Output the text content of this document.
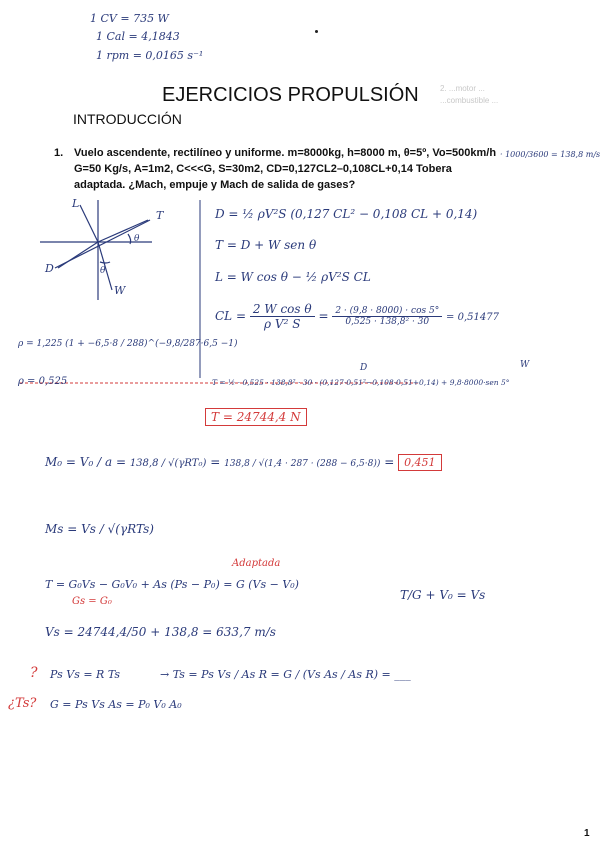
1 CV = 735 W
1 Cal = 4,1843
1 rpm = 0,0165 s⁻¹
2. ...motor ...
...combustible ...
EJERCICIOS PROPULSIÓN
INTRODUCCIÓN
1. Vuelo ascendente, rectilíneo y uniforme. m=8000kg, h=8000 m, θ=5º, Vo=500km/h
G=50 Kg/s, A=1m2, C<<<G, S=30m2, CD=0,127CL2–0,108CL+0,14 Tobera
adaptada. ¿Mach, empuje y Mach de salida de gases?
· 1000/3600 = 138,8 m/s
L
T
D
W
θ
θ
D = ½ ρV²S (0,127 CL² − 0,108 CL + 0,14)
T = D + W sen θ
L = W cos θ − ½ ρV²S CL
CL = $\frac{\text{2 W cos θ}}{\text{ρ V² S}} = \frac{2 \cdot (9,8 \cdot 8000) \cdot \cos 5^\circ}{\text{0,525 · 138,8² · 30}} = 0,51477$
ρ = 1,225 (1 + −6,5·8 / 288)^(−9,8/287·6,5 −1)
ρ = 0,525
D	W
T = ½ · 0,525 · 138,8² · 30 · (0,127·0,51²−0,108·0,51+0,14) + 9,8·8000·sen 5°
T = 24744,4 N
M₀ = V₀ / a = 138,8 / √(γRT₀) = 138,8 / √(1,4 · 287 · (288 − 6,5·8)) = 0,451
Ms = Vs / √(γRTs)
Adaptada
T = G₀Vs − G₀V₀ + As (Ps − P₀) = G (Vs − V₀)
Gs = G₀	T/G + V₀ = Vs
Vs = 24744,4/50 + 138,8 = 633,7 m/s
? Ps Vs = R Ts	→ Ts = Ps Vs / As R = G / (Vs As / As R) = ___
¿Ts? G = Ps Vs As = P₀ V₀ A₀
1
